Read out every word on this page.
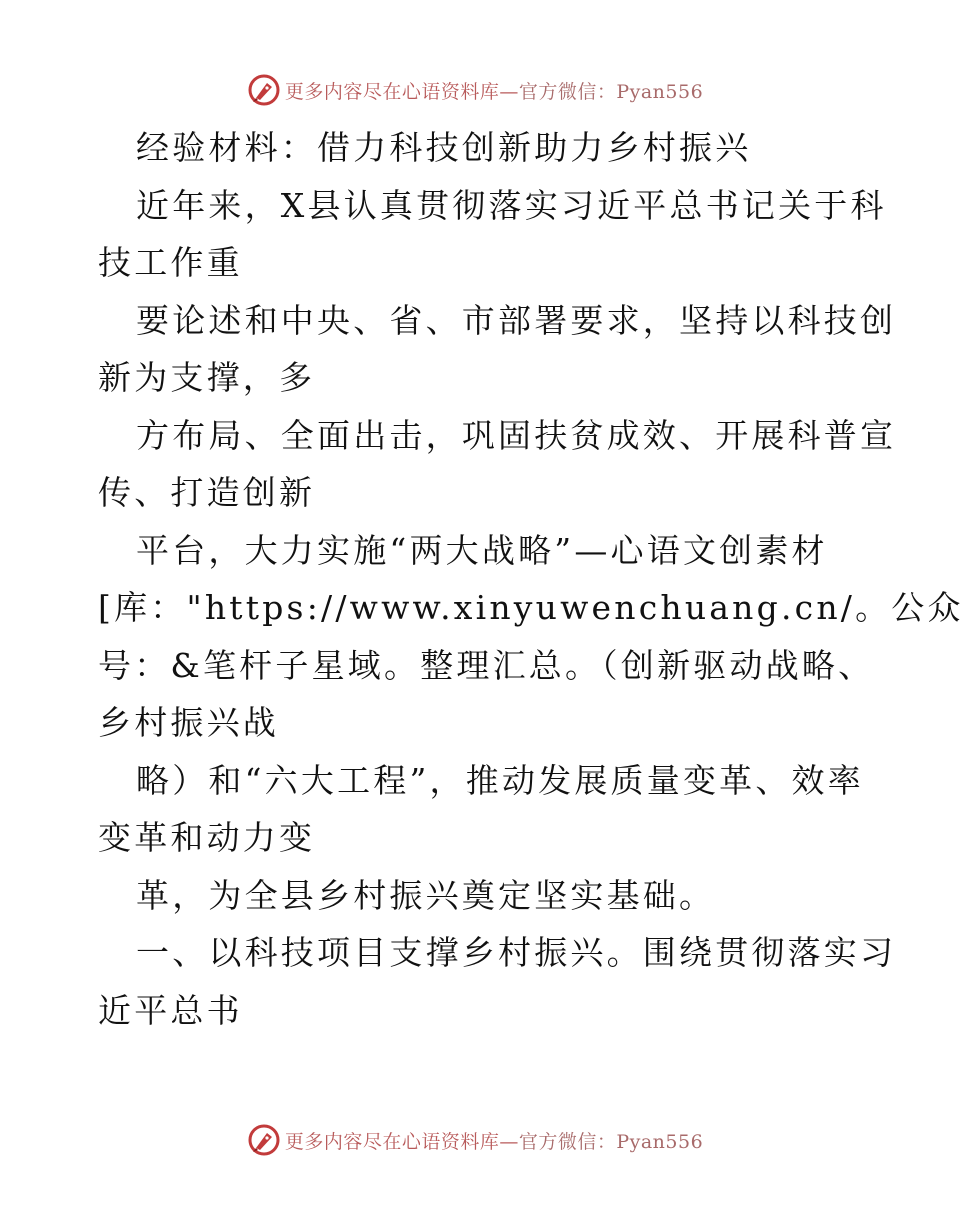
更多内容尽在心语资料库—官方微信：Pyan556
经验材料：借力科技创新助力乡村振兴
近年来，X县认真贯彻落实习近平总书记关于科
技工作重
要论述和中央、省、市部署要求，坚持以科技创
新为支撑，多
方布局、全面出击，巩固扶贫成效、开展科普宣
传、打造创新
平台，大力实施“两大战略”—心语文创素材
[库："https://www.xinyuwenchuang.cn/。公众
号：&笔杆子星域。整理汇总。（创新驱动战略、
乡村振兴战
略）和“六大工程”，推动发展质量变革、效率
变革和动力变
革，为全县乡村振兴奠定坚实基础。
一、以科技项目支撑乡村振兴。围绕贯彻落实习
近平总书
更多内容尽在心语资料库—官方微信：Pyan556
